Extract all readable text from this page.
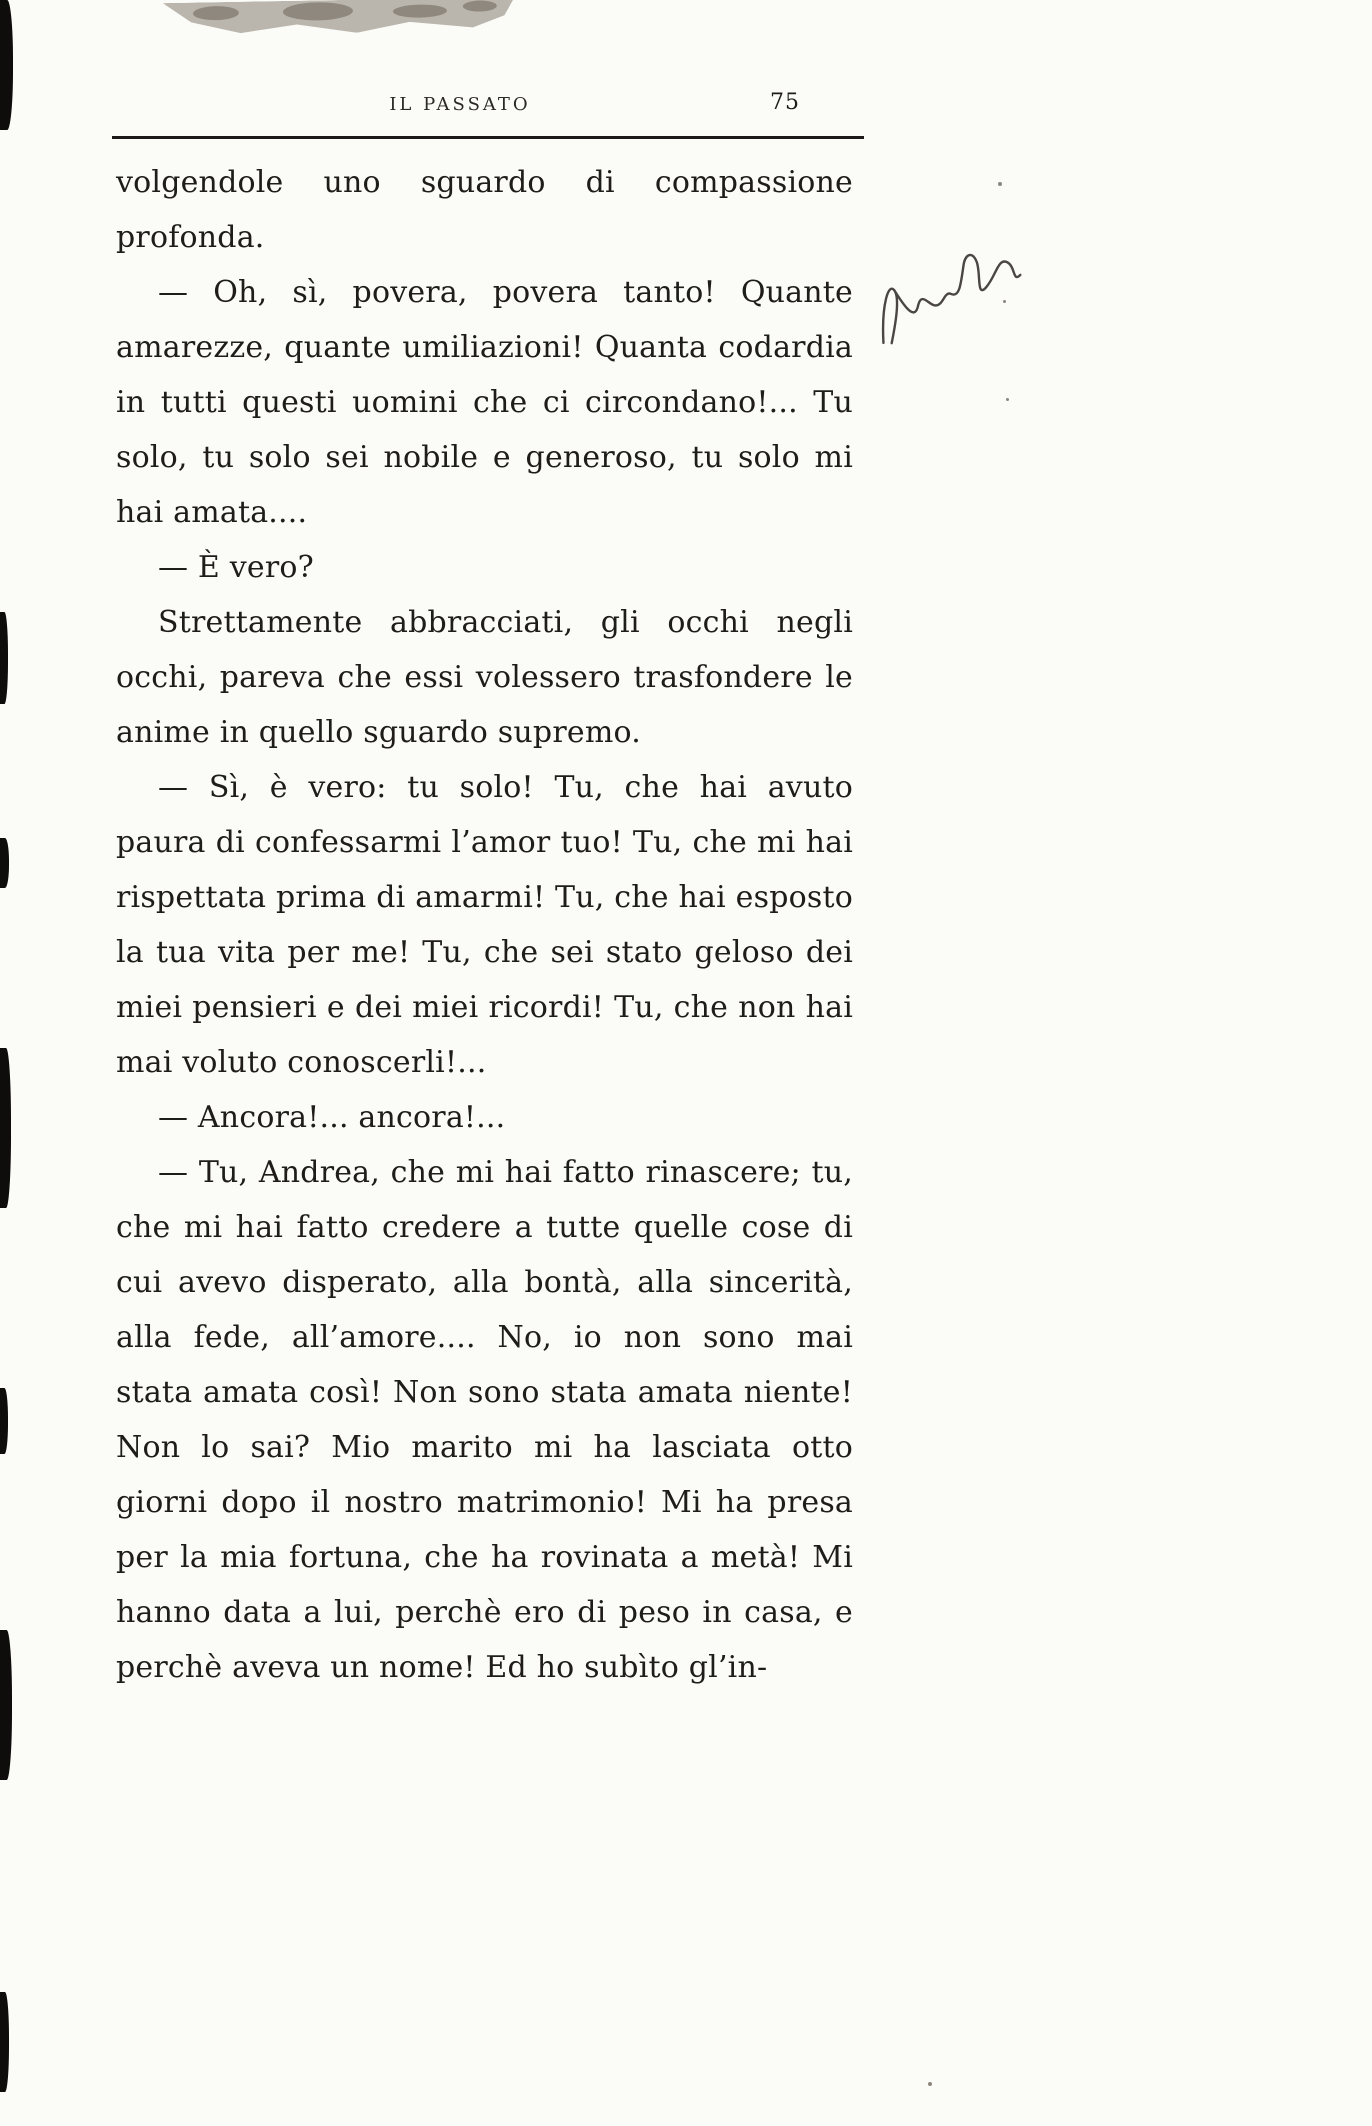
IL PASSATO	75

volgendole uno sguardo di compassione profonda.

— Oh, sì, povera, povera tanto! Quante amarezze, quante umiliazioni! Quanta codardia in tutti questi uomini che ci circondano!... Tu solo, tu solo sei nobile e generoso, tu solo mi hai amata....

— È vero?

Strettamente abbracciati, gli occhi negli occhi, pareva che essi volessero trasfondere le anime in quello sguardo supremo.

— Sì, è vero: tu solo! Tu, che hai avuto paura di confessarmi l’amor tuo! Tu, che mi hai rispettata prima di amarmi! Tu, che hai esposto la tua vita per me! Tu, che sei stato geloso dei miei pensieri e dei miei ricordi! Tu, che non hai mai voluto conoscerli!...

— Ancora!... ancora!...

— Tu, Andrea, che mi hai fatto rinascere; tu, che mi hai fatto credere a tutte quelle cose di cui avevo disperato, alla bontà, alla sincerità, alla fede, all’amore.... No, io non sono mai stata amata così! Non sono stata amata niente! Non lo sai? Mio marito mi ha lasciata otto giorni dopo il nostro matrimonio! Mi ha presa per la mia fortuna, che ha rovinata a metà! Mi hanno data a lui, perchè ero di peso in casa, e perchè aveva un nome! Ed ho subìto gl’in-
